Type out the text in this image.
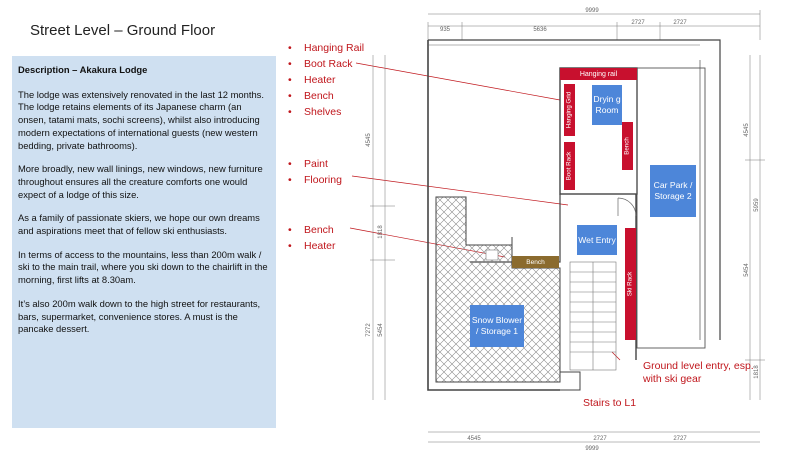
Street Level – Ground Floor
Description – Akakura Lodge

The lodge was extensively renovated in the last 12 months. The lodge retains elements of its Japanese charm (an onsen, tatami mats, sochi screens), whilst also introducing modern expectations of international guests (new western bedding, private bathrooms).

More broadly, new wall linings, new windows, new furniture throughout ensures all the creature comforts one would expect of a lodge of this size.

As a family of passionate skiers, we hope our own dreams and aspirations meet that of fellow ski enthusiasts.

In terms of access to the mountains, less than 200m walk / ski to the main trail, where you ski down to the chairlift in the morning, first lifts at 8.30am.

It’s also 200m walk down to the high street for restaurants, bars, supermarket, convenience stores. A must is the pancake dessert.

• Hanging Rail
• Boot Rack
• Heater
• Bench
• Shelves
• Paint
• Flooring
• Bench
• Heater
9999
935	5636
2727	2727
4545	2727	2727
9999
4545
1818
7272 5454
4545
5959
5454
1818
Hanging Grid
Boot Rack
Bench
Ski Rack
Hanging rail
Bench
Dryin g Room
Car Park / Storage 2
Wet Entry
Snow Blower / Storage 1
Ground level entry, esp. with ski gear
Stairs to L1
